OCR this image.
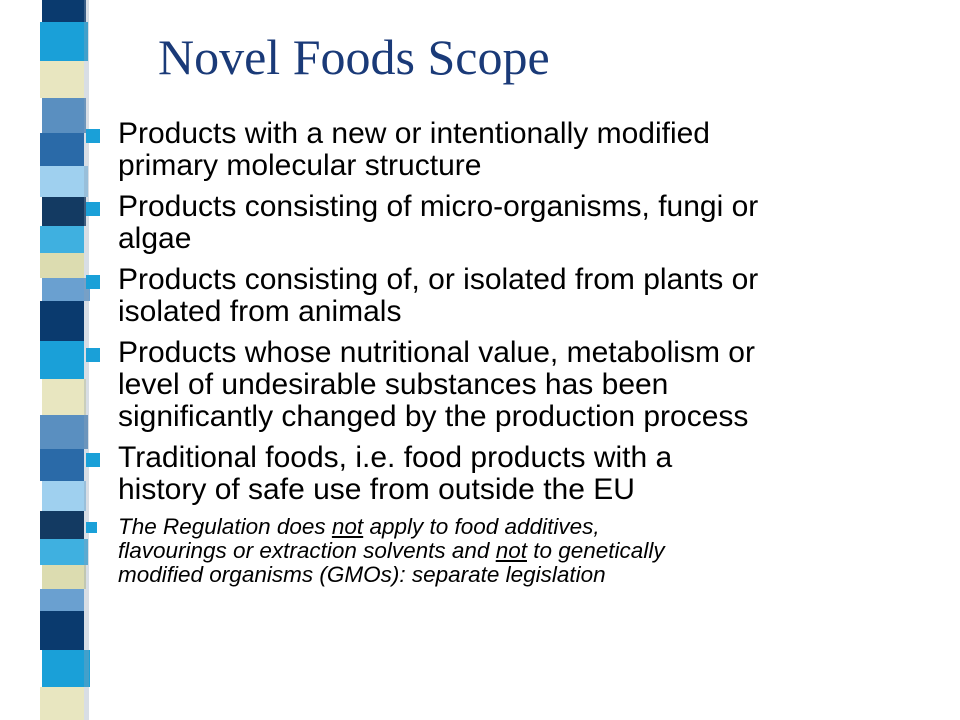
Novel Foods Scope
Products with a new or intentionally modified
primary molecular structure
Products consisting of micro-organisms, fungi or
algae
Products consisting of, or isolated from plants or
isolated from animals
Products whose nutritional value, metabolism or
level of undesirable substances has been
significantly changed by the production process
Traditional foods, i.e. food products with a
history of safe use from outside the EU
The Regulation does not apply to food additives,
flavourings or extraction solvents and not to genetically
modified organisms (GMOs): separate legislation
